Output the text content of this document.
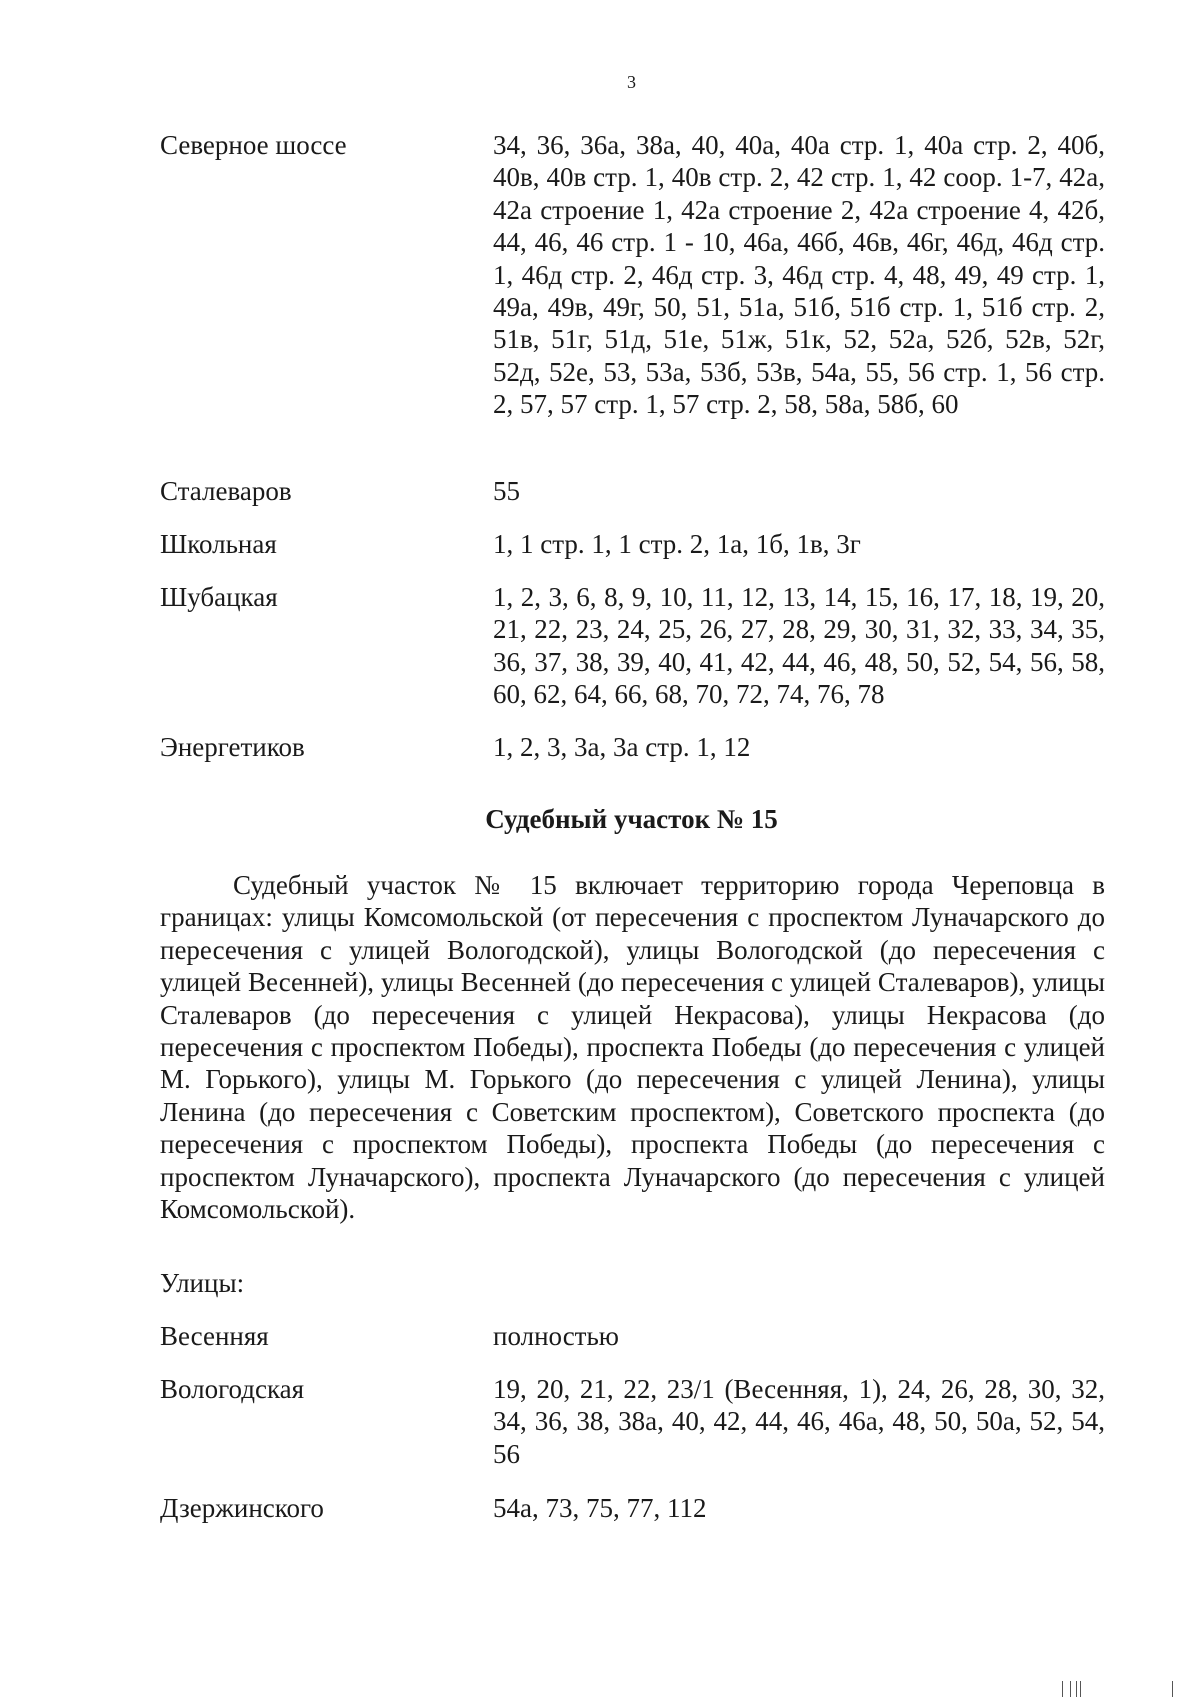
3
Северное шоссе	34, 36, 36а, 38а, 40, 40а, 40а стр. 1, 40а стр. 2, 40б, 40в, 40в стр. 1, 40в стр. 2, 42 стр. 1, 42 соор. 1-7, 42а, 42а строение 1, 42а строение 2, 42а строение 4, 42б, 44, 46, 46 стр. 1 - 10, 46а, 46б, 46в, 46г, 46д, 46д стр. 1, 46д стр. 2, 46д стр. 3, 46д стр. 4, 48, 49, 49 стр. 1, 49а, 49в, 49г, 50, 51, 51а, 51б, 51б стр. 1, 51б стр. 2, 51в, 51г, 51д, 51е, 51ж, 51к, 52, 52а, 52б, 52в, 52г, 52д, 52е, 53, 53а, 53б, 53в, 54а, 55, 56 стр. 1, 56 стр. 2, 57, 57 стр. 1, 57 стр. 2, 58, 58а, 58б, 60
Сталеваров	55
Школьная	1, 1 стр. 1, 1 стр. 2, 1а, 1б, 1в, 3г
Шубацкая	1, 2, 3, 6, 8, 9, 10, 11, 12, 13, 14, 15, 16, 17, 18, 19, 20, 21, 22, 23, 24, 25, 26, 27, 28, 29, 30, 31, 32, 33, 34, 35, 36, 37, 38, 39, 40, 41, 42, 44, 46, 48, 50, 52, 54, 56, 58, 60, 62, 64, 66, 68, 70, 72, 74, 76, 78
Энергетиков	1, 2, 3, 3а, 3а стр. 1, 12
Судебный участок № 15

Судебный участок № 15 включает территорию города Череповца в границах: улицы Комсомольской (от пересечения с проспектом Луначарского до пересечения с улицей Вологодской), улицы Вологодской (до пересечения с улицей Весенней), улицы Весенней (до пересечения с улицей Сталеваров), улицы Сталеваров (до пересечения с улицей Некрасова), улицы Некрасова (до пересечения с проспектом Победы), проспекта Победы (до пересечения с улицей М. Горького), улицы М. Горького (до пересечения с улицей Ленина), улицы Ленина (до пересечения с Советским проспектом), Советского проспекта (до пересечения с проспектом Победы), проспекта Победы (до пересечения с проспектом Луначарского), проспекта Луначарского (до пересечения с улицей Комсомольской).

Улицы:
Весенняя	полностью
Вологодская	19, 20, 21, 22, 23/1 (Весенняя, 1), 24, 26, 28, 30, 32, 34, 36, 38, 38а, 40, 42, 44, 46, 46а, 48, 50, 50а, 52, 54, 56
Дзержинского	54а, 73, 75, 77, 112
